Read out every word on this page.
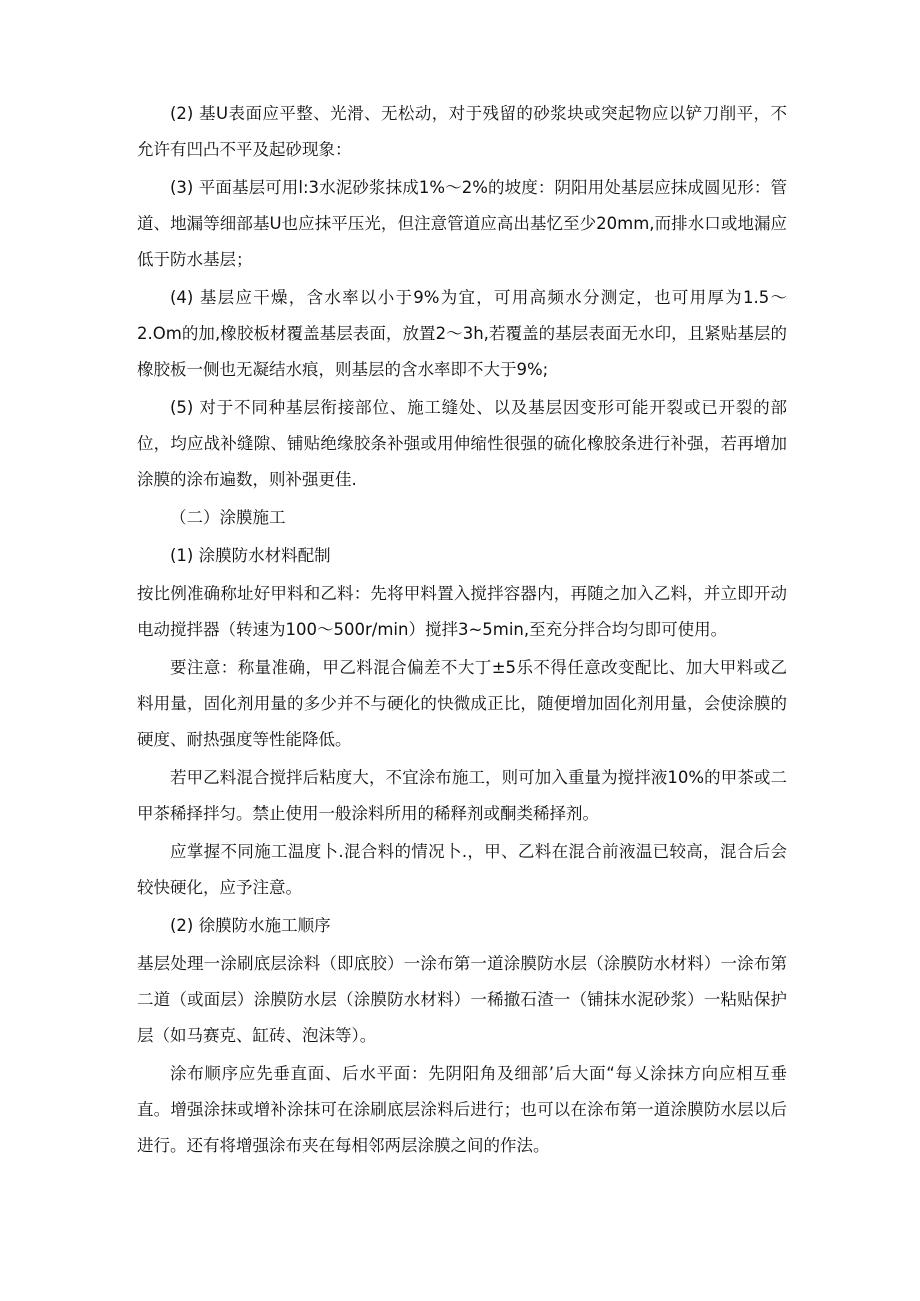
(2) 基U表面应平整、光滑、无松动，对于残留的砂浆块或突起物应以铲刀削平，不允许有凹凸不平及起砂现象：

(3) 平面基层可用l:3水泥砂浆抹成1%〜2%的坡度：阴阳用处基层应抹成圆见形：管道、地漏等细部基U也应抹平压光，但注意管道应高出基忆至少20mm,而排水口或地漏应低于防水基层；

(4) 基层应干燥，含水率以小于9%为宜，可用高频水分测定，也可用厚为1.5〜2.Om的加,橡胶板材覆盖基层表面，放置2〜3h,若覆盖的基层表面无水印，且紧贴基层的橡胶板一侧也无凝结水痕，则基层的含水率即不大于9%;

(5) 对于不同种基层衔接部位、施工缝处、以及基层因变形可能开裂或已开裂的部位，均应战补缝隙、铺贴绝缘胶条补强或用伸缩性很强的硫化橡胶条进行补强，若再增加涂膜的涂布遍数，则补强更佳.

（二）涂膜施工

(1) 涂膜防水材料配制

按比例准确称址好甲料和乙料：先将甲料置入搅拌容器内，再随之加入乙料，并立即开动电动搅拌器（转速为100〜500r/min）搅拌3~5min,至充分拌合均匀即可使用。

要注意：称量准确，甲乙料混合偏差不大丁±5乐不得任意改变配比、加大甲料或乙料用量，固化剂用量的多少并不与硬化的快微成正比，随便增加固化剂用量，会使涂膜的硬度、耐热强度等性能降低。

若甲乙料混合搅拌后粘度大，不宜涂布施工，则可加入重量为搅拌液10%的甲茶或二甲茶稀择拌匀。禁止使用一般涂料所用的稀释剂或酮类稀择剂。

应掌握不同施工温度卜.混合料的情况卜.，甲、乙料在混合前液温已较高，混合后会较快硬化，应予注意。

(2) 徐膜防水施工顺序

基层处理一涂刷底层涂料（即底胶）一涂布第一道涂膜防水层（涂膜防水材料）一涂布第二道（或面层）涂膜防水层（涂膜防水材料）一稀撤石渣一（铺抹水泥砂浆）一粘贴保护层（如马赛克、缸砖、泡沫等）。

涂布顺序应先垂直面、后水平面：先阴阳角及细部’后大面“每乂涂抹方向应相互垂直。增强涂抹或增补涂抹可在涂刷底层涂料后进行；也可以在涂布第一道涂膜防水层以后进行。还有将增强涂布夹在每相邻两层涂膜之间的作法。
